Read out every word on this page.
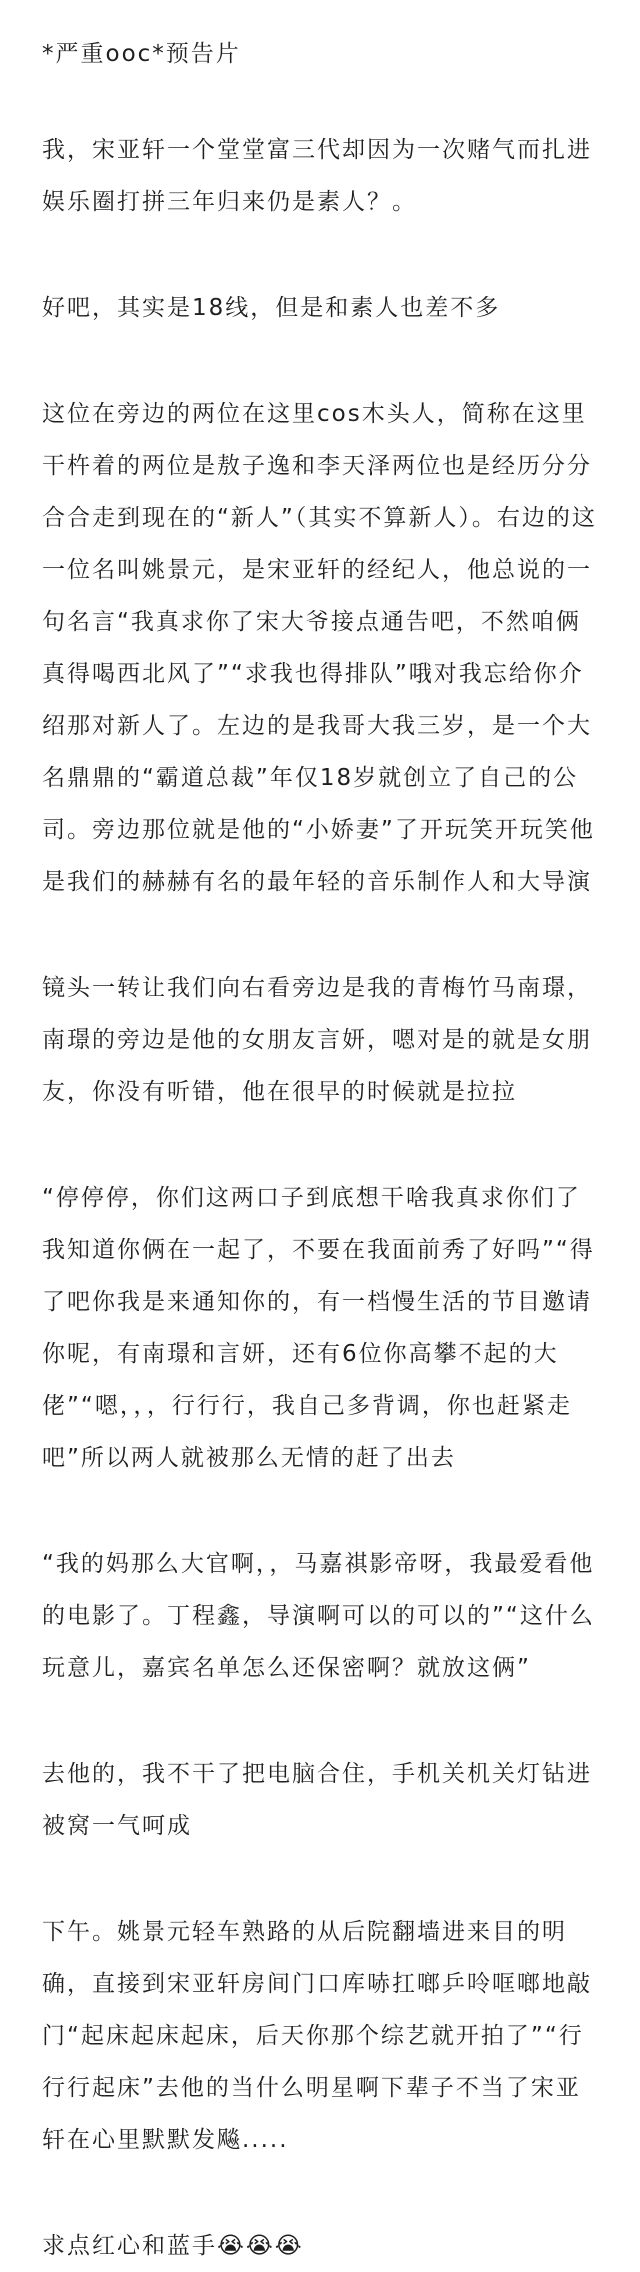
*严重ooc*预告片
我，宋亚轩一个堂堂富三代却因为一次赌气而扎进娱乐圈打拼三年归来仍是素人？。
好吧，其实是18线，但是和素人也差不多
这位在旁边的两位在这里cos木头人，简称在这里干杵着的两位是敖子逸和李天泽两位也是经历分分合合走到现在的“新人”（其实不算新人）。右边的这一位名叫姚景元，是宋亚轩的经纪人，他总说的一句名言“我真求你了宋大爷接点通告吧，不然咱俩真得喝西北风了”“求我也得排队”哦对我忘给你介绍那对新人了。左边的是我哥大我三岁，是一个大名鼎鼎的“霸道总裁”年仅18岁就创立了自己的公司。旁边那位就是他的“小娇妻”了开玩笑开玩笑他是我们的赫赫有名的最年轻的音乐制作人和大导演
镜头一转让我们向右看旁边是我的青梅竹马南璟，南璟的旁边是他的女朋友言妍，嗯对是的就是女朋友，你没有听错，他在很早的时候就是拉拉
“停停停，你们这两口子到底想干啥我真求你们了我知道你俩在一起了，不要在我面前秀了好吗”“得了吧你我是来通知你的，有一档慢生活的节目邀请你呢，有南璟和言妍，还有6位你高攀不起的大佬”“嗯，，，行行行，我自己多背调，你也赶紧走吧”所以两人就被那么无情的赶了出去
“我的妈那么大官啊，，马嘉祺影帝呀，我最爱看他的电影了。丁程鑫，导演啊可以的可以的”“这什么玩意儿，嘉宾名单怎么还保密啊？就放这俩”
去他的，我不干了把电脑合住，手机关机关灯钻进被窝一气呵成
下午。姚景元轻车熟路的从后院翻墙进来目的明确，直接到宋亚轩房间门口库哧扛啷乒呤哐啷地敲门“起床起床起床，后天你那个综艺就开拍了”“行行行起床”去他的当什么明星啊下辈子不当了宋亚轩在心里默默发飚.....
求点红心和蓝手😭😭😭
